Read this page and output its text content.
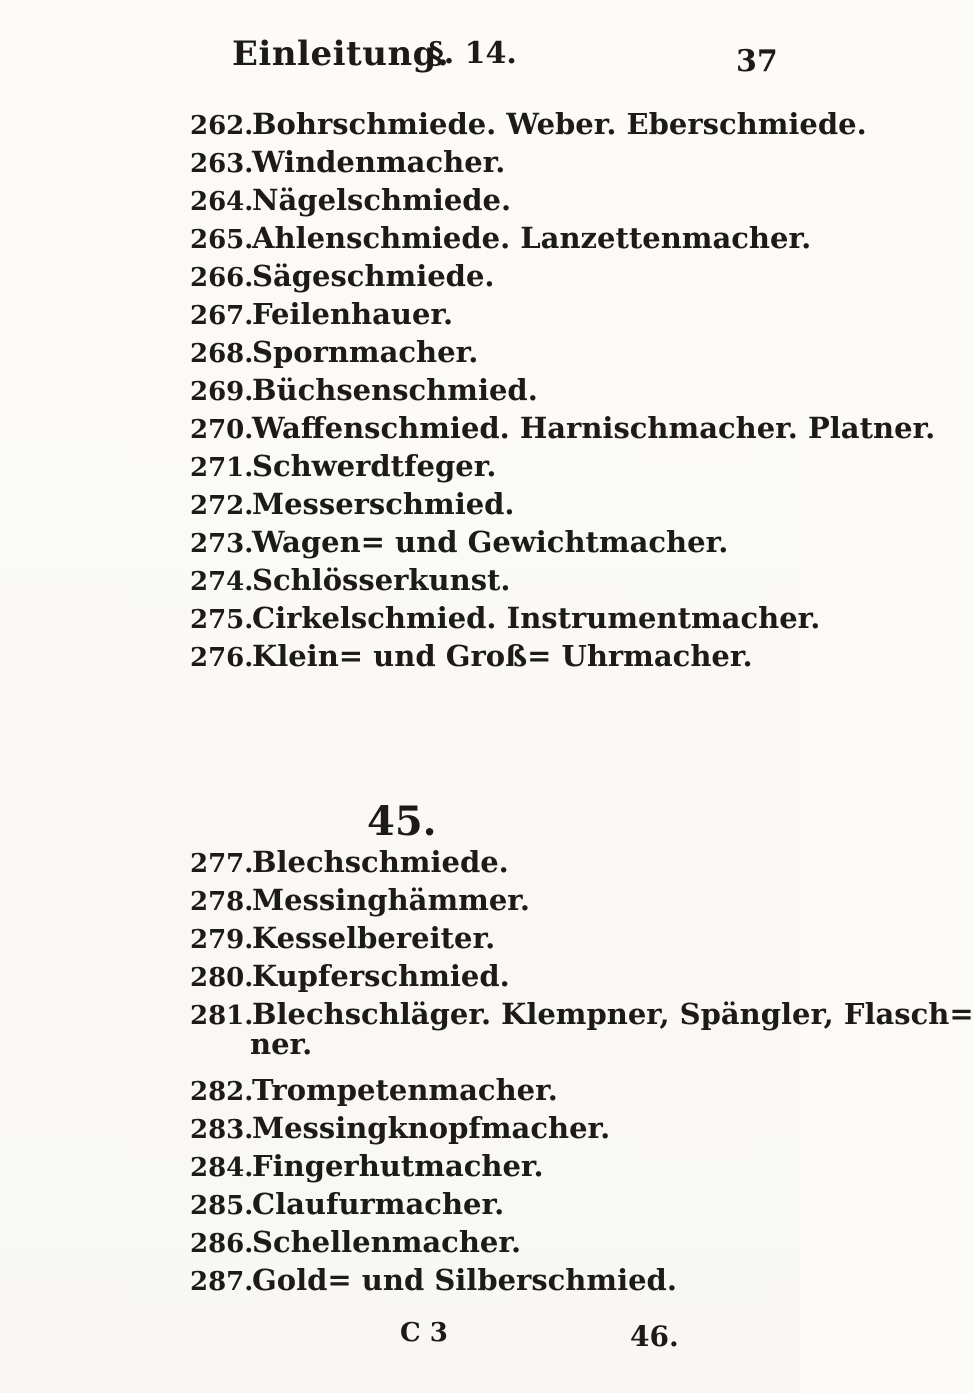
Einleitung.
§. 14.	37
262.Bohrschmiede. Weber. Eberschmiede.
263.Windenmacher.
264.Nägelschmiede.
265.Ahlenschmiede. Lanzettenmacher.
266.Sägeschmiede.
267.Feilenhauer.
268.Spornmacher.
269.Büchsenschmied.
270.Waffenschmied. Harnischmacher. Platner.
271.Schwerdtfeger.
272.Messerschmied.
273.Wagen= und Gewichtmacher.
274.Schlösserkunst.
275.Cirkelschmied. Instrumentmacher.
276.Klein= und Groß= Uhrmacher.
277.Blechschmiede.
278.Messinghämmer.
279.Kesselbereiter.
280.Kupferschmied.
281.Blechschläger. Klempner, Spängler, Flasch=
ner.
282.Trompetenmacher.
283.Messingknopfmacher.
284.Fingerhutmacher.
285.Claufurmacher.
286.Schellenmacher.
287.Gold= und Silberschmied.
45.
C 3	46.
